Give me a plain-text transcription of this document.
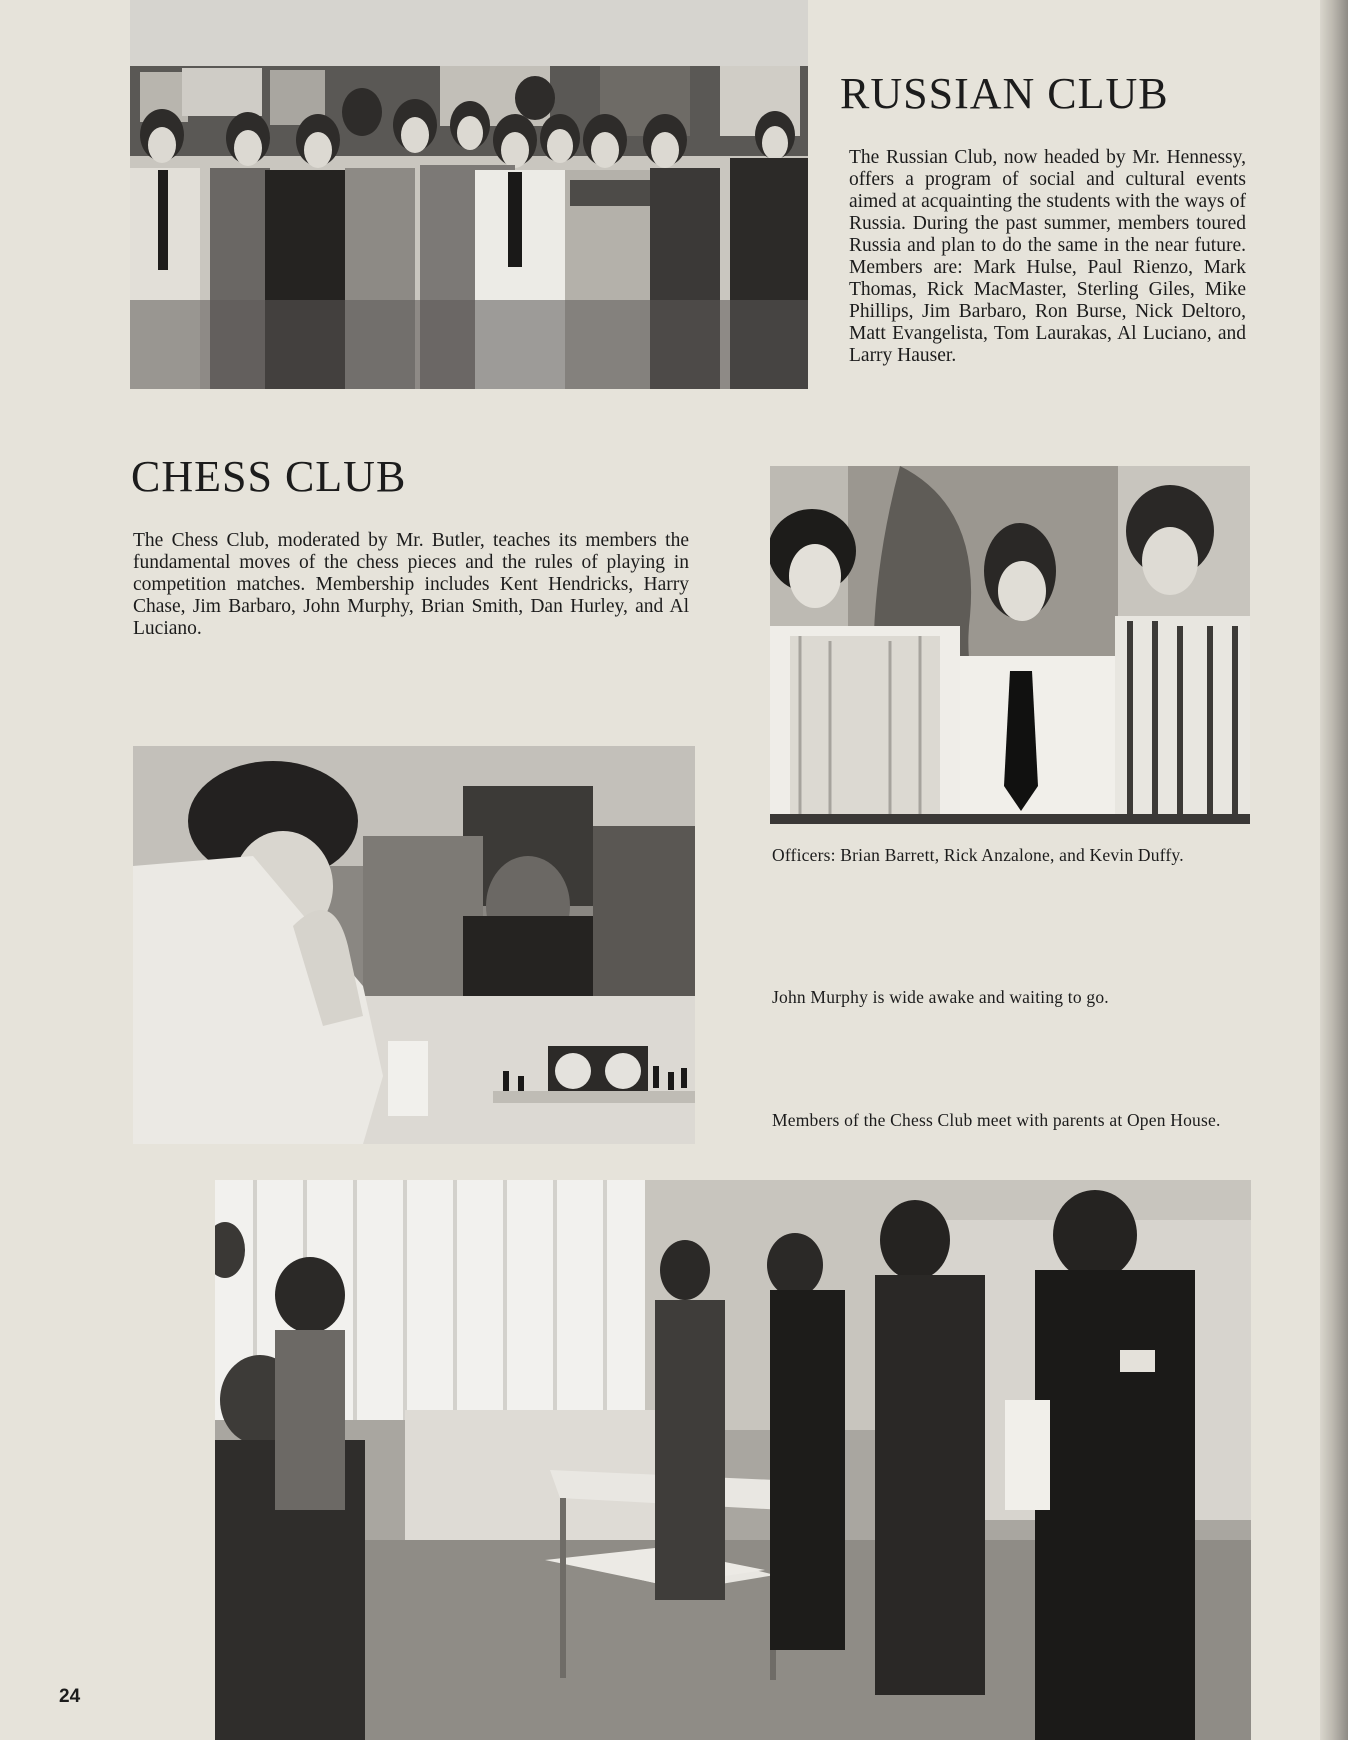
RUSSIAN CLUB

The Russian Club, now headed by Mr. Hennessy, offers a program of social and cultural events aimed at acquainting the students with the ways of Russia. During the past summer, members toured Russia and plan to do the same in the near future. Members are: Mark Hulse, Paul Rienzo, Mark Thomas, Rick MacMaster, Sterling Giles, Mike Phillips, Jim Barbaro, Ron Burse, Nick Deltoro, Matt Evangelista, Tom Laurakas, Al Luciano, and Larry Hauser.

CHESS CLUB

The Chess Club, moderated by Mr. Butler, teaches its members the fundamental moves of the chess pieces and the rules of playing in competition matches. Membership includes Kent Hendricks, Harry Chase, Jim Barbaro, John Murphy, Brian Smith, Dan Hurley, and Al Luciano.

Officers: Brian Barrett, Rick Anzalone, and Kevin Duffy.

John Murphy is wide awake and waiting to go.

Members of the Chess Club meet with parents at Open House.

24
